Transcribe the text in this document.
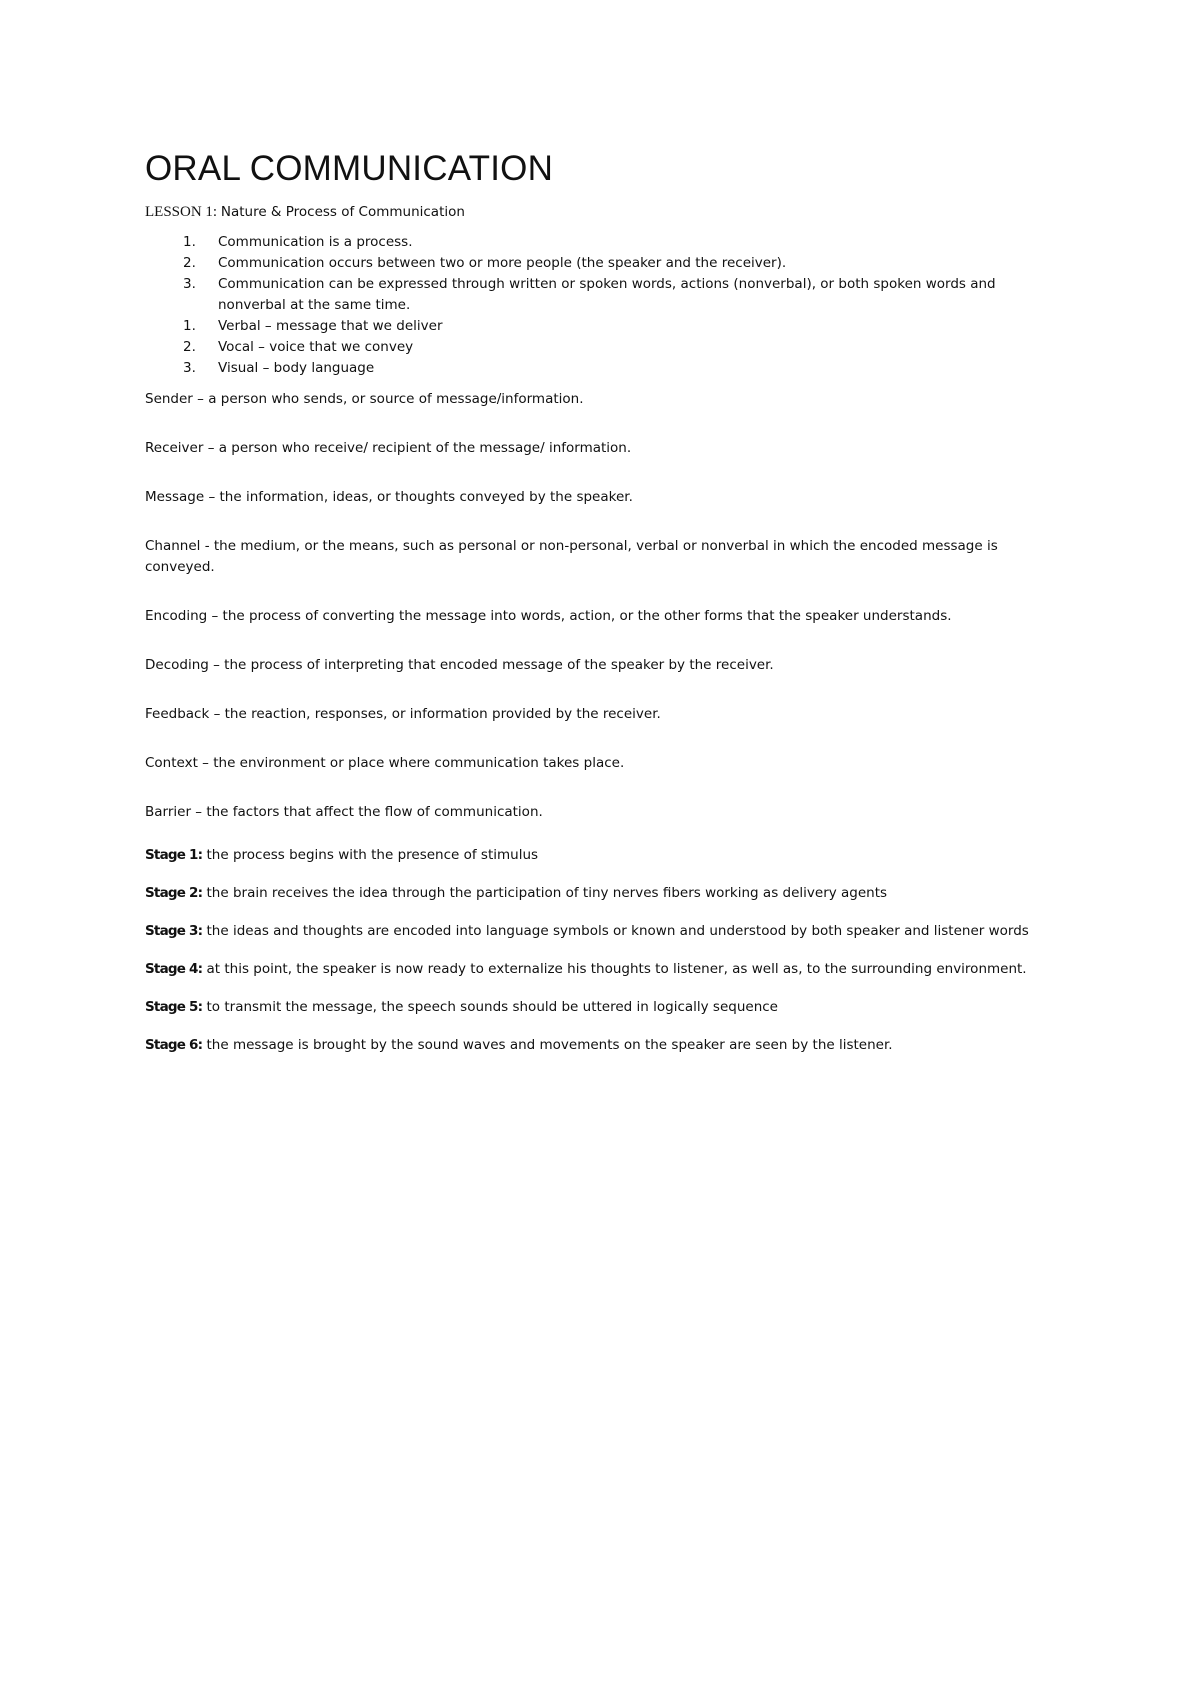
ORAL COMMUNICATION
LESSON 1: Nature & Process of Communication
1.	Communication is a process.
2.	Communication occurs between two or more people (the speaker and the receiver).
3.	Communication can be expressed through written or spoken words, actions (nonverbal), or both spoken words and nonverbal at the same time.
1.	Verbal – message that we deliver
2.	Vocal – voice that we convey
3.	Visual – body language

Sender – a person who sends, or source of message/information.

Receiver – a person who receive/ recipient of the message/ information.

Message – the information, ideas, or thoughts conveyed by the speaker.

Channel - the medium, or the means, such as personal or non-personal, verbal or nonverbal in which the encoded message is conveyed.

Encoding – the process of converting the message into words, action, or the other forms that the speaker understands.

Decoding – the process of interpreting that encoded message of the speaker by the receiver.

Feedback – the reaction, responses, or information provided by the receiver.

Context – the environment or place where communication takes place.

Barrier – the factors that affect the flow of communication.

Stage 1: the process begins with the presence of stimulus

Stage 2: the brain receives the idea through the participation of tiny nerves fibers working as delivery agents

Stage 3: the ideas and thoughts are encoded into language symbols or known and understood by both speaker and listener words

Stage 4: at this point, the speaker is now ready to externalize his thoughts to listener, as well as, to the surrounding environment.

Stage 5: to transmit the message, the speech sounds should be uttered in logically sequence

Stage 6: the message is brought by the sound waves and movements on the speaker are seen by the listener.
